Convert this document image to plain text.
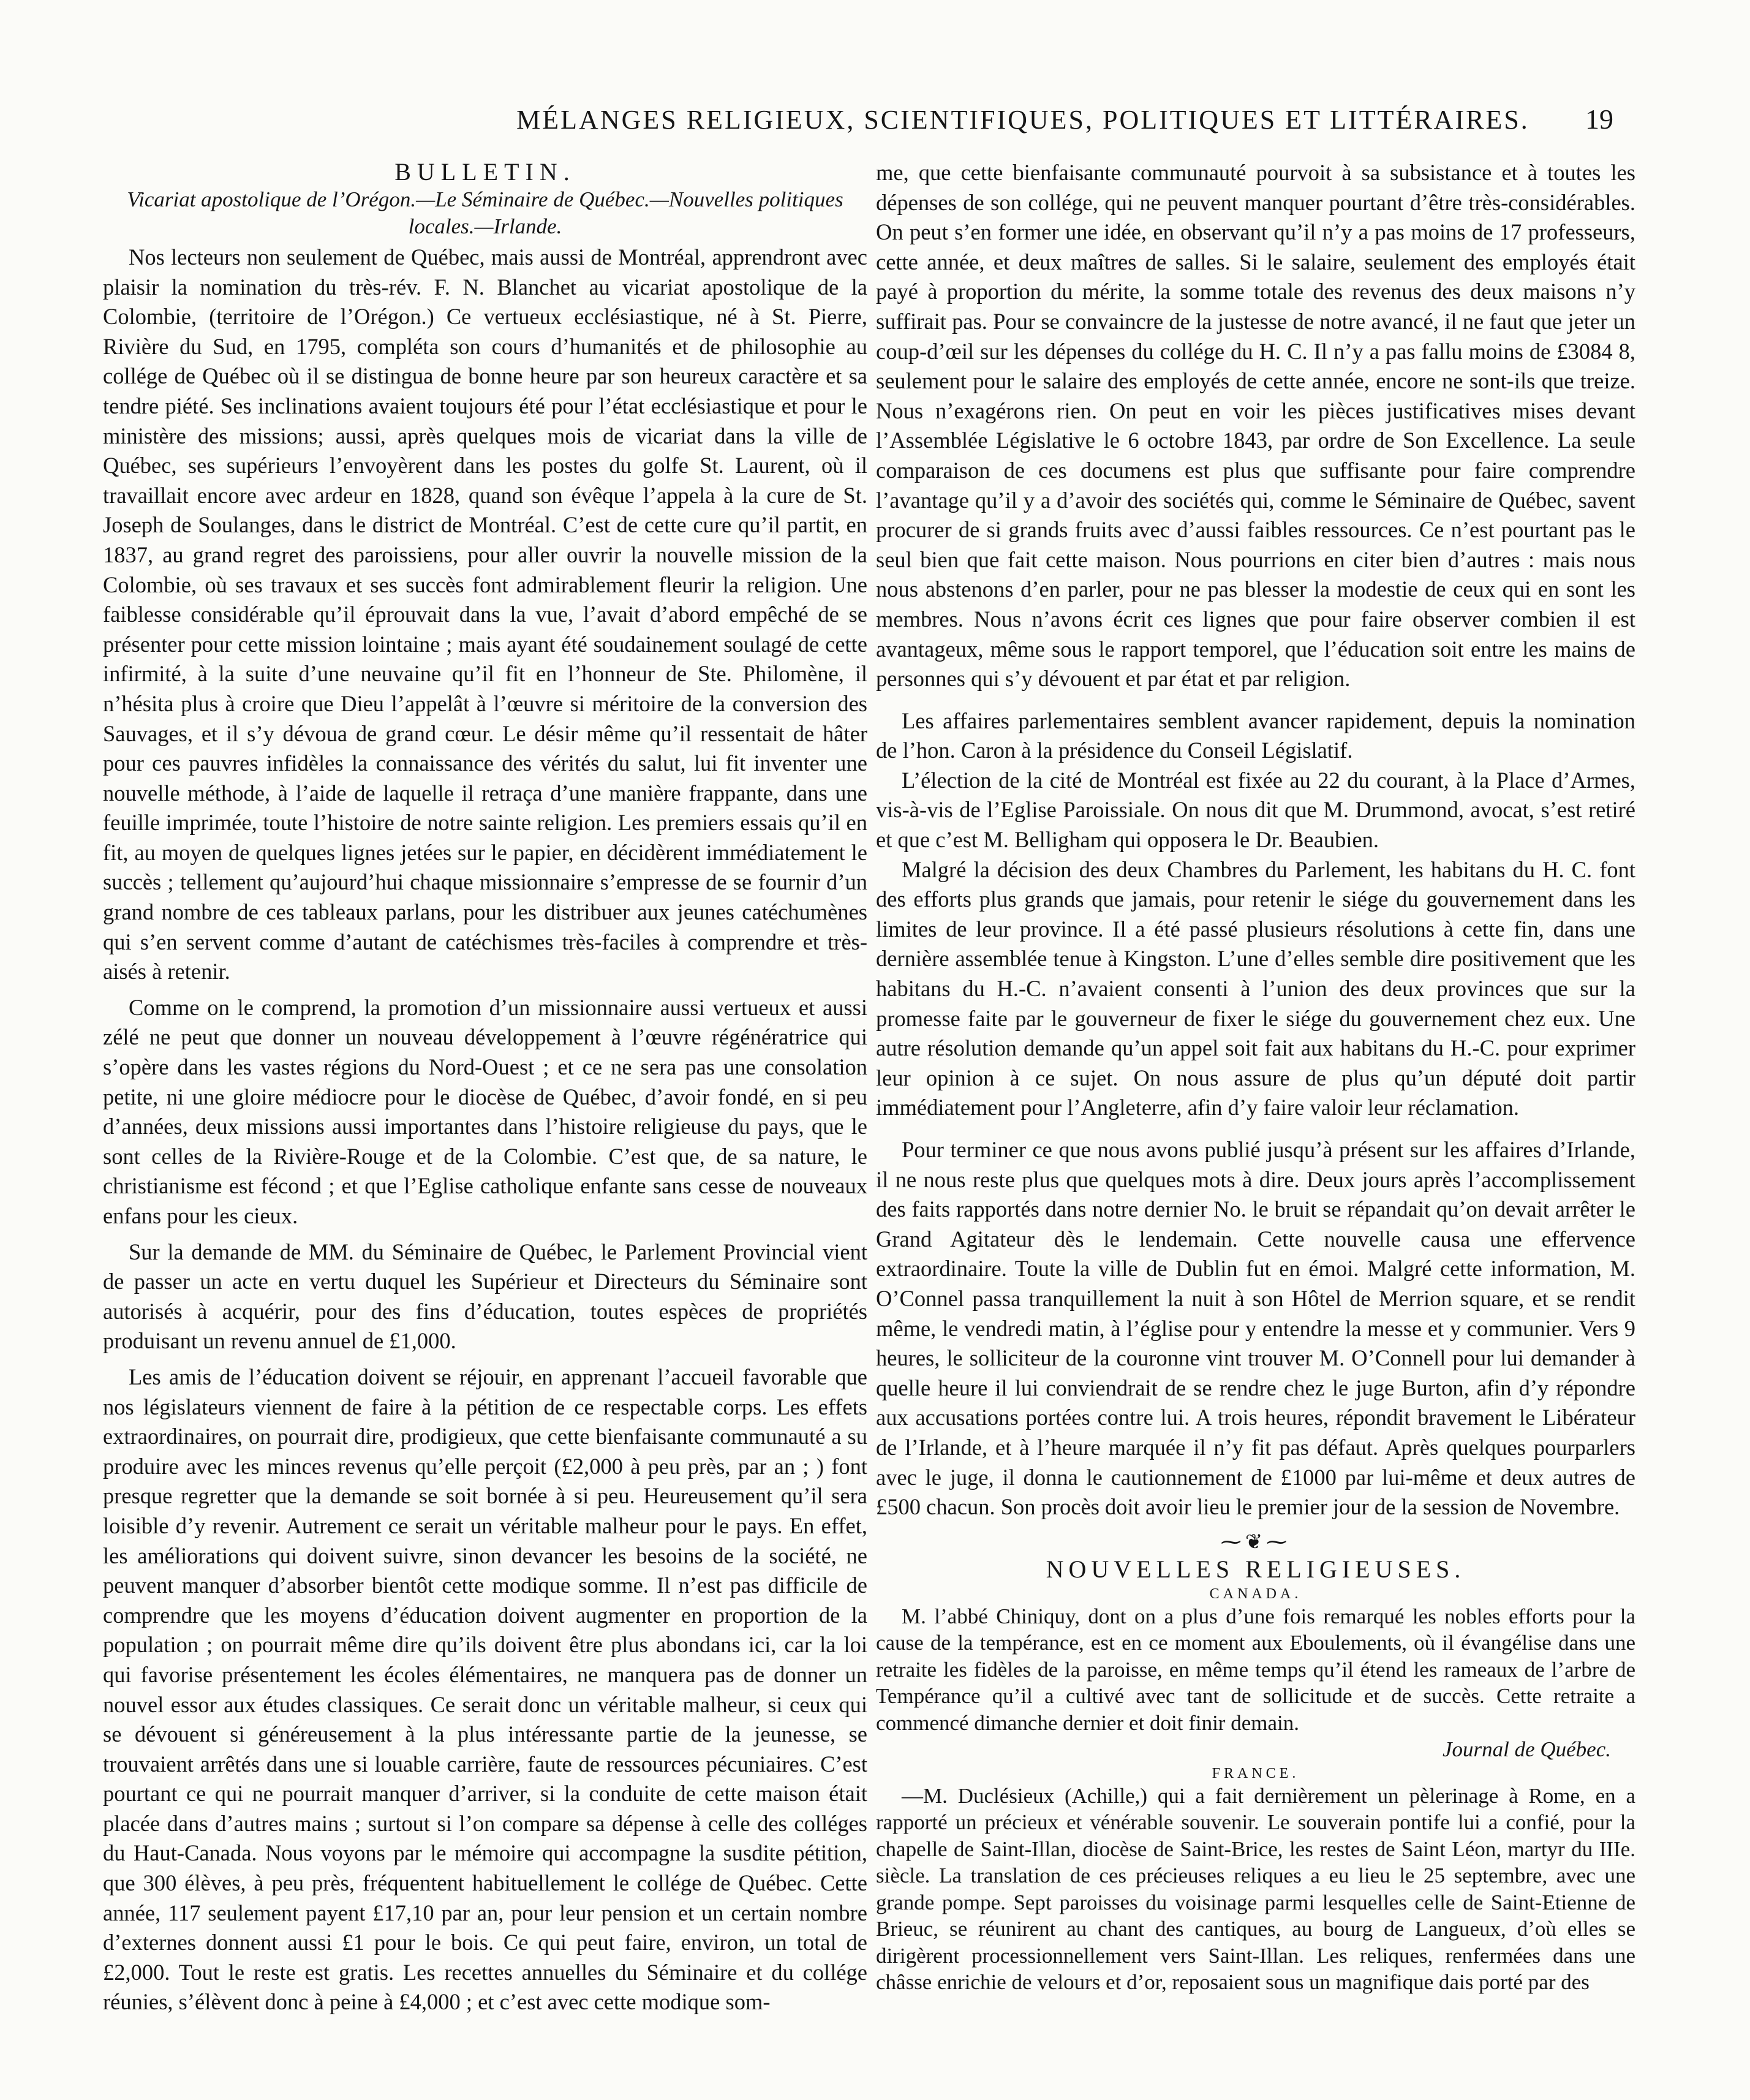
MÉLANGES RELIGIEUX, SCIENTIFIQUES, POLITIQUES ET LITTÉRAIRES.	19
BULLETIN.
Vicariat apostolique de l’Orégon.—Le Séminaire de Québec.—Nouvelles politiques locales.—Irlande.

Nos lecteurs non seulement de Québec, mais aussi de Montréal, apprendront avec plaisir la nomination du très-rév. F. N. Blanchet au vicariat apostolique de la Colombie, (territoire de l’Orégon.) Ce vertueux ecclésiastique, né à St. Pierre, Rivière du Sud, en 1795, compléta son cours d’humanités et de philosophie au collége de Québec où il se distingua de bonne heure par son heureux caractère et sa tendre piété. Ses inclinations avaient toujours été pour l’état ecclésiastique et pour le ministère des missions; aussi, après quelques mois de vicariat dans la ville de Québec, ses supérieurs l’envoyèrent dans les postes du golfe St. Laurent, où il travaillait encore avec ardeur en 1828, quand son évêque l’appela à la cure de St. Joseph de Soulanges, dans le district de Montréal. C’est de cette cure qu’il partit, en 1837, au grand regret des paroissiens, pour aller ouvrir la nouvelle mission de la Colombie, où ses travaux et ses succès font admirablement fleurir la religion. Une faiblesse considérable qu’il éprouvait dans la vue, l’avait d’abord empêché de se présenter pour cette mission lointaine ; mais ayant été soudainement soulagé de cette infirmité, à la suite d’une neuvaine qu’il fit en l’honneur de Ste. Philomène, il n’hésita plus à croire que Dieu l’appelât à l’œuvre si méritoire de la conversion des Sauvages, et il s’y dévoua de grand cœur. Le désir même qu’il ressentait de hâter pour ces pauvres infidèles la connaissance des vérités du salut, lui fit inventer une nouvelle méthode, à l’aide de laquelle il retraça d’une manière frappante, dans une feuille imprimée, toute l’histoire de notre sainte religion. Les premiers essais qu’il en fit, au moyen de quelques lignes jetées sur le papier, en décidèrent immédiatement le succès ; tellement qu’aujourd’hui chaque missionnaire s’empresse de se fournir d’un grand nombre de ces tableaux parlans, pour les distribuer aux jeunes catéchumènes qui s’en servent comme d’autant de catéchismes très-faciles à comprendre et très-aisés à retenir.

Comme on le comprend, la promotion d’un missionnaire aussi vertueux et aussi zélé ne peut que donner un nouveau développement à l’œuvre régénératrice qui s’opère dans les vastes régions du Nord-Ouest ; et ce ne sera pas une consolation petite, ni une gloire médiocre pour le diocèse de Québec, d’avoir fondé, en si peu d’années, deux missions aussi importantes dans l’histoire religieuse du pays, que le sont celles de la Rivière-Rouge et de la Colombie. C’est que, de sa nature, le christianisme est fécond ; et que l’Eglise catholique enfante sans cesse de nouveaux enfans pour les cieux.

Sur la demande de MM. du Séminaire de Québec, le Parlement Provincial vient de passer un acte en vertu duquel les Supérieur et Directeurs du Séminaire sont autorisés à acquérir, pour des fins d’éducation, toutes espèces de propriétés produisant un revenu annuel de £1,000.

Les amis de l’éducation doivent se réjouir, en apprenant l’accueil favorable que nos législateurs viennent de faire à la pétition de ce respectable corps. Les effets extraordinaires, on pourrait dire, prodigieux, que cette bienfaisante communauté a su produire avec les minces revenus qu’elle perçoit (£2,000 à peu près, par an ; ) font presque regretter que la demande se soit bornée à si peu. Heureusement qu’il sera loisible d’y revenir. Autrement ce serait un véritable malheur pour le pays. En effet, les améliorations qui doivent suivre, sinon devancer les besoins de la société, ne peuvent manquer d’absorber bientôt cette modique somme. Il n’est pas difficile de comprendre que les moyens d’éducation doivent augmenter en proportion de la population ; on pourrait même dire qu’ils doivent être plus abondans ici, car la loi qui favorise présentement les écoles élémentaires, ne manquera pas de donner un nouvel essor aux études classiques. Ce serait donc un véritable malheur, si ceux qui se dévouent si généreusement à la plus intéressante partie de la jeunesse, se trouvaient arrêtés dans une si louable carrière, faute de ressources pécuniaires. C’est pourtant ce qui ne pourrait manquer d’arriver, si la conduite de cette maison était placée dans d’autres mains ; surtout si l’on compare sa dépense à celle des colléges du Haut-Canada. Nous voyons par le mémoire qui accompagne la susdite pétition, que 300 élèves, à peu près, fréquentent habituellement le collége de Québec. Cette année, 117 seulement payent £17,10 par an, pour leur pension et un certain nombre d’externes donnent aussi £1 pour le bois. Ce qui peut faire, environ, un total de £2,000. Tout le reste est gratis. Les recettes annuelles du Séminaire et du collége réunies, s’élèvent donc à peine à £4,000 ; et c’est avec cette modique som-

me, que cette bienfaisante communauté pourvoit à sa subsistance et à toutes les dépenses de son collége, qui ne peuvent manquer pourtant d’être très-considérables. On peut s’en former une idée, en observant qu’il n’y a pas moins de 17 professeurs, cette année, et deux maîtres de salles. Si le salaire, seulement des employés était payé à proportion du mérite, la somme totale des revenus des deux maisons n’y suffirait pas. Pour se convaincre de la justesse de notre avancé, il ne faut que jeter un coup-d’œil sur les dépenses du collége du H. C. Il n’y a pas fallu moins de £3084 8, seulement pour le salaire des employés de cette année, encore ne sont-ils que treize. Nous n’exagérons rien. On peut en voir les pièces justificatives mises devant l’Assemblée Législative le 6 octobre 1843, par ordre de Son Excellence. La seule comparaison de ces documens est plus que suffisante pour faire comprendre l’avantage qu’il y a d’avoir des sociétés qui, comme le Séminaire de Québec, savent procurer de si grands fruits avec d’aussi faibles ressources. Ce n’est pourtant pas le seul bien que fait cette maison. Nous pourrions en citer bien d’autres : mais nous nous abstenons d’en parler, pour ne pas blesser la modestie de ceux qui en sont les membres. Nous n’avons écrit ces lignes que pour faire observer combien il est avantageux, même sous le rapport temporel, que l’éducation soit entre les mains de personnes qui s’y dévouent et par état et par religion.

Les affaires parlementaires semblent avancer rapidement, depuis la nomination de l’hon. Caron à la présidence du Conseil Législatif.

L’élection de la cité de Montréal est fixée au 22 du courant, à la Place d’Armes, vis-à-vis de l’Eglise Paroissiale. On nous dit que M. Drummond, avocat, s’est retiré et que c’est M. Belligham qui opposera le Dr. Beaubien.

Malgré la décision des deux Chambres du Parlement, les habitans du H. C. font des efforts plus grands que jamais, pour retenir le siége du gouvernement dans les limites de leur province. Il a été passé plusieurs résolutions à cette fin, dans une dernière assemblée tenue à Kingston. L’une d’elles semble dire positivement que les habitans du H.-C. n’avaient consenti à l’union des deux provinces que sur la promesse faite par le gouverneur de fixer le siége du gouvernement chez eux. Une autre résolution demande qu’un appel soit fait aux habitans du H.-C. pour exprimer leur opinion à ce sujet. On nous assure de plus qu’un député doit partir immédiatement pour l’Angleterre, afin d’y faire valoir leur réclamation.

Pour terminer ce que nous avons publié jusqu’à présent sur les affaires d’Irlande, il ne nous reste plus que quelques mots à dire. Deux jours après l’accomplissement des faits rapportés dans notre dernier No. le bruit se répandait qu’on devait arrêter le Grand Agitateur dès le lendemain. Cette nouvelle causa une effervence extraordinaire. Toute la ville de Dublin fut en émoi. Malgré cette information, M. O’Connel passa tranquillement la nuit à son Hôtel de Merrion square, et se rendit même, le vendredi matin, à l’église pour y entendre la messe et y communier. Vers 9 heures, le solliciteur de la couronne vint trouver M. O’Connell pour lui demander à quelle heure il lui conviendrait de se rendre chez le juge Burton, afin d’y répondre aux accusations portées contre lui. A trois heures, répondit bravement le Libérateur de l’Irlande, et à l’heure marquée il n’y fit pas défaut. Après quelques pourparlers avec le juge, il donna le cautionnement de £1000 par lui-même et deux autres de £500 chacun. Son procès doit avoir lieu le premier jour de la session de Novembre.

⁓❦⁓
NOUVELLES RELIGIEUSES.
CANADA.

M. l’abbé Chiniquy, dont on a plus d’une fois remarqué les nobles efforts pour la cause de la tempérance, est en ce moment aux Eboulements, où il évangélise dans une retraite les fidèles de la paroisse, en même temps qu’il étend les rameaux de l’arbre de Tempérance qu’il a cultivé avec tant de sollicitude et de succès. Cette retraite a commencé dimanche dernier et doit finir demain.

Journal de Québec.

FRANCE.

—M. Duclésieux (Achille,) qui a fait dernièrement un pèlerinage à Rome, en a rapporté un précieux et vénérable souvenir. Le souverain pontife lui a confié, pour la chapelle de Saint-Illan, diocèse de Saint-Brice, les restes de Saint Léon, martyr du IIIe. siècle. La translation de ces précieuses reliques a eu lieu le 25 septembre, avec une grande pompe. Sept paroisses du voisinage parmi lesquelles celle de Saint-Etienne de Brieuc, se réunirent au chant des cantiques, au bourg de Langueux, d’où elles se dirigèrent processionnellement vers Saint-Illan. Les reliques, renfermées dans une châsse enrichie de velours et d’or, reposaient sous un magnifique dais porté par des
